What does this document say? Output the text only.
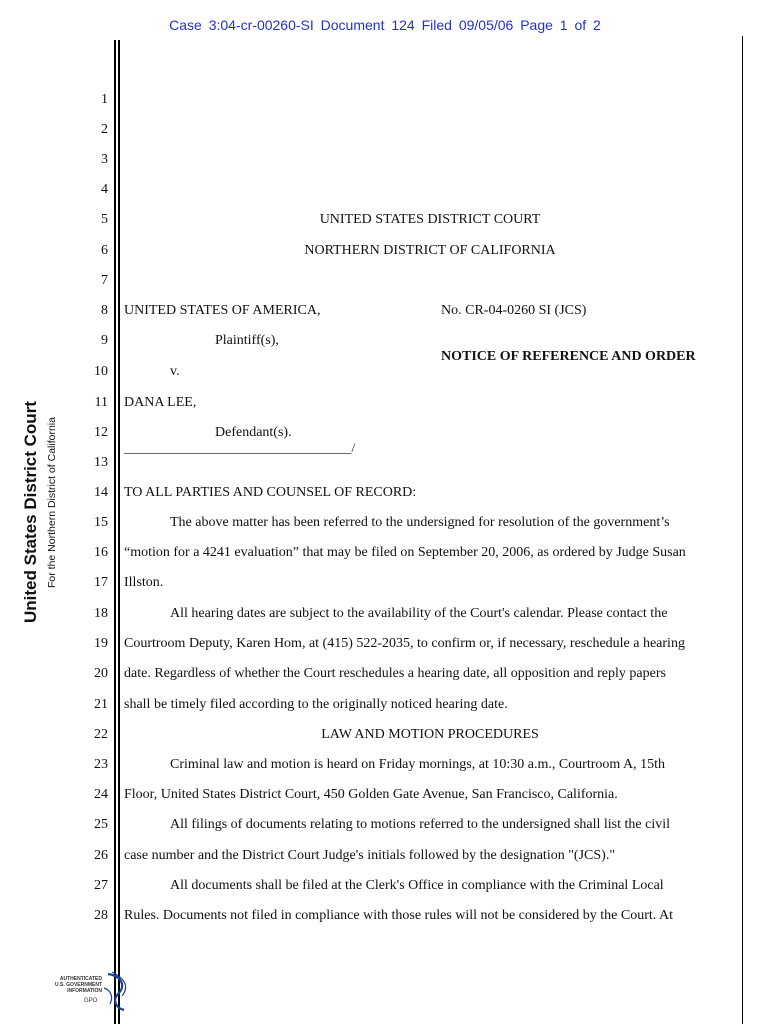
Case 3:04-cr-00260-SI Document 124 Filed 09/05/06 Page 1 of 2
United States District Court For the Northern District of California
1
2
3
4
5
6
7
8
9
10
11
12
13
14
15
16
17
18
19
20
21
22
23
24
25
26
27
28
UNITED STATES DISTRICT COURT
NORTHERN DISTRICT OF CALIFORNIA
UNITED STATES OF AMERICA,	No. CR-04-0260 SI (JCS)
Plaintiff(s),
NOTICE OF REFERENCE AND ORDER
v.
DANA LEE,
Defendant(s).
___________________________________/
TO ALL PARTIES AND COUNSEL OF RECORD:
The above matter has been referred to the undersigned for resolution of the government’s
“motion for a 4241 evaluation” that may be filed on September 20, 2006, as ordered by Judge Susan
Illston.
All hearing dates are subject to the availability of the Court's calendar. Please contact the
Courtroom Deputy, Karen Hom, at (415) 522-2035, to confirm or, if necessary, reschedule a hearing
date. Regardless of whether the Court reschedules a hearing date, all opposition and reply papers
shall be timely filed according to the originally noticed hearing date.
LAW AND MOTION PROCEDURES
Criminal law and motion is heard on Friday mornings, at 10:30 a.m., Courtroom A, 15th
Floor, United States District Court, 450 Golden Gate Avenue, San Francisco, California.
All filings of documents relating to motions referred to the undersigned shall list the civil
case number and the District Court Judge's initials followed by the designation "(JCS)."
All documents shall be filed at the Clerk's Office in compliance with the Criminal Local
Rules. Documents not filed in compliance with those rules will not be considered by the Court. At
AUTHENTICATED
U.S. GOVERNMENT
INFORMATION
GPO
